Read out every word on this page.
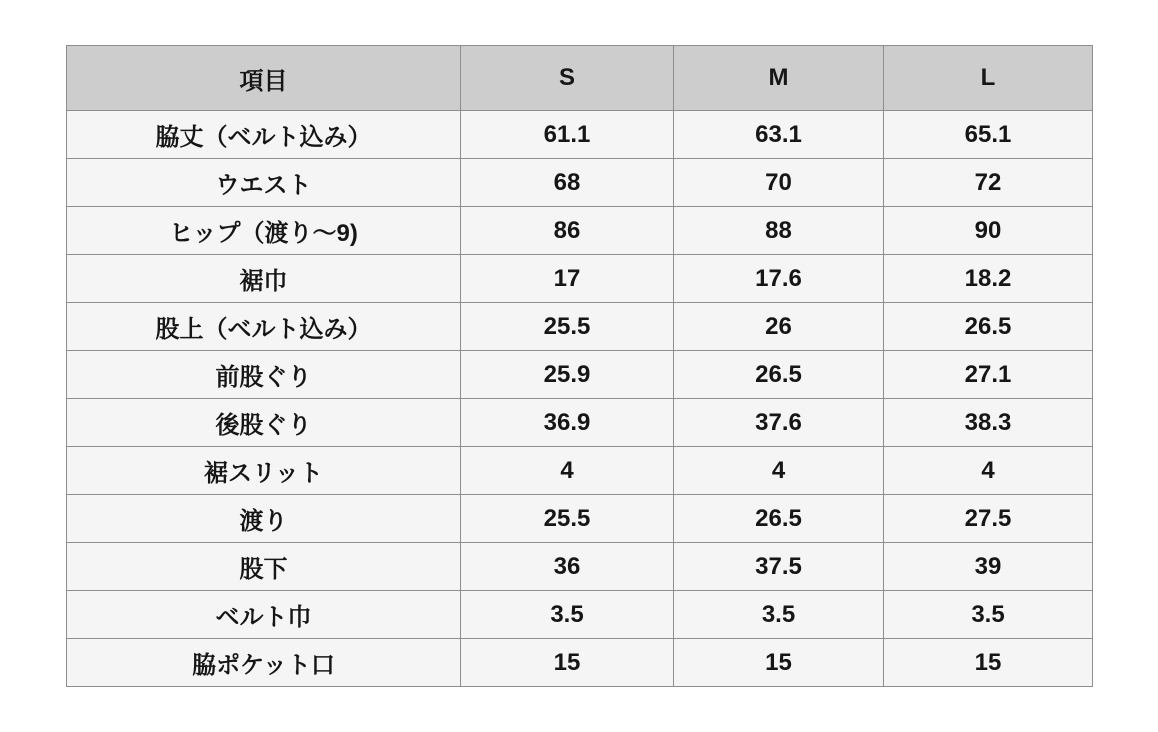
項目	S	M	L
脇丈（ベルト込み）	61.1	63.1	65.1
ウエスト	68	70	72
ヒップ（渡り〜9)	86	88	90
裾巾	17	17.6	18.2
股上（ベルト込み）	25.5	26	26.5
前股ぐり	25.9	26.5	27.1
後股ぐり	36.9	37.6	38.3
裾スリット	4	4	4
渡り	25.5	26.5	27.5
股下	36	37.5	39
ベルト巾	3.5	3.5	3.5
脇ポケット口	15	15	15
